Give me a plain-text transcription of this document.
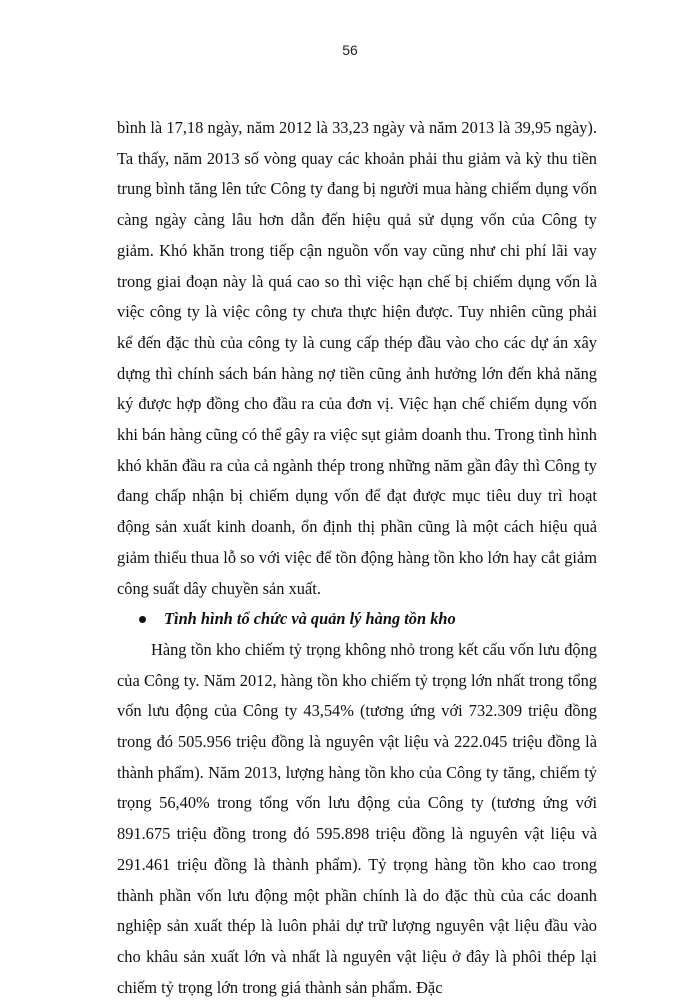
56

bình là 17,18 ngày, năm 2012 là 33,23 ngày và năm 2013 là 39,95 ngày). Ta thấy, năm 2013 số vòng quay các khoản phải thu giảm và kỳ thu tiền trung bình tăng lên tức Công ty đang bị người mua hàng chiếm dụng vốn càng ngày càng lâu hơn dẫn đến hiệu quả sử dụng vốn của Công ty giảm. Khó khăn trong tiếp cận nguồn vốn vay cũng như chi phí lãi vay trong giai đoạn này là quá cao so thì việc hạn chế bị chiếm dụng vốn là việc công ty là việc công ty chưa thực hiện được. Tuy nhiên cũng phải kể đến đặc thù của công ty là cung cấp thép đầu vào cho các dự án xây dựng thì chính sách bán hàng nợ tiền cũng ảnh hưởng lớn đến khả năng ký được hợp đồng cho đầu ra của đơn vị. Việc hạn chế chiếm dụng vốn khi bán hàng cũng có thể gây ra việc sụt giảm doanh thu. Trong tình hình khó khăn đầu ra của cả ngành thép trong những năm gần đây thì Công ty đang chấp nhận bị chiếm dụng vốn để đạt được mục tiêu duy trì hoạt động sản xuất kinh doanh, ổn định thị phần cũng là một cách hiệu quả giảm thiểu thua lỗ so với việc để tồn động hàng tồn kho lớn hay cắt giảm công suất dây chuyền sản xuất.

Tình hình tổ chức và quản lý hàng tồn kho

Hàng tồn kho chiếm tỷ trọng không nhỏ trong kết cấu vốn lưu động của Công ty. Năm 2012, hàng tồn kho chiếm tỷ trọng lớn nhất trong tổng vốn lưu động của Công ty 43,54% (tương ứng với 732.309 triệu đồng trong đó 505.956 triệu đồng là nguyên vật liệu và 222.045 triệu đồng là thành phẩm). Năm 2013, lượng hàng tồn kho của Công ty tăng, chiếm tỷ trọng 56,40% trong tổng vốn lưu động của Công ty (tương ứng với 891.675 triệu đồng trong đó 595.898 triệu đồng là nguyên vật liệu và 291.461 triệu đồng là thành phẩm). Tỷ trọng hàng tồn kho cao trong thành phần vốn lưu động một phần chính là do đặc thù của các doanh nghiệp sản xuất thép là luôn phải dự trữ lượng nguyên vật liệu đầu vào cho khâu sản xuất lớn và nhất là nguyên vật liệu ở đây là phôi thép lại chiếm tỷ trọng lớn trong giá thành sản phẩm. Đặc
